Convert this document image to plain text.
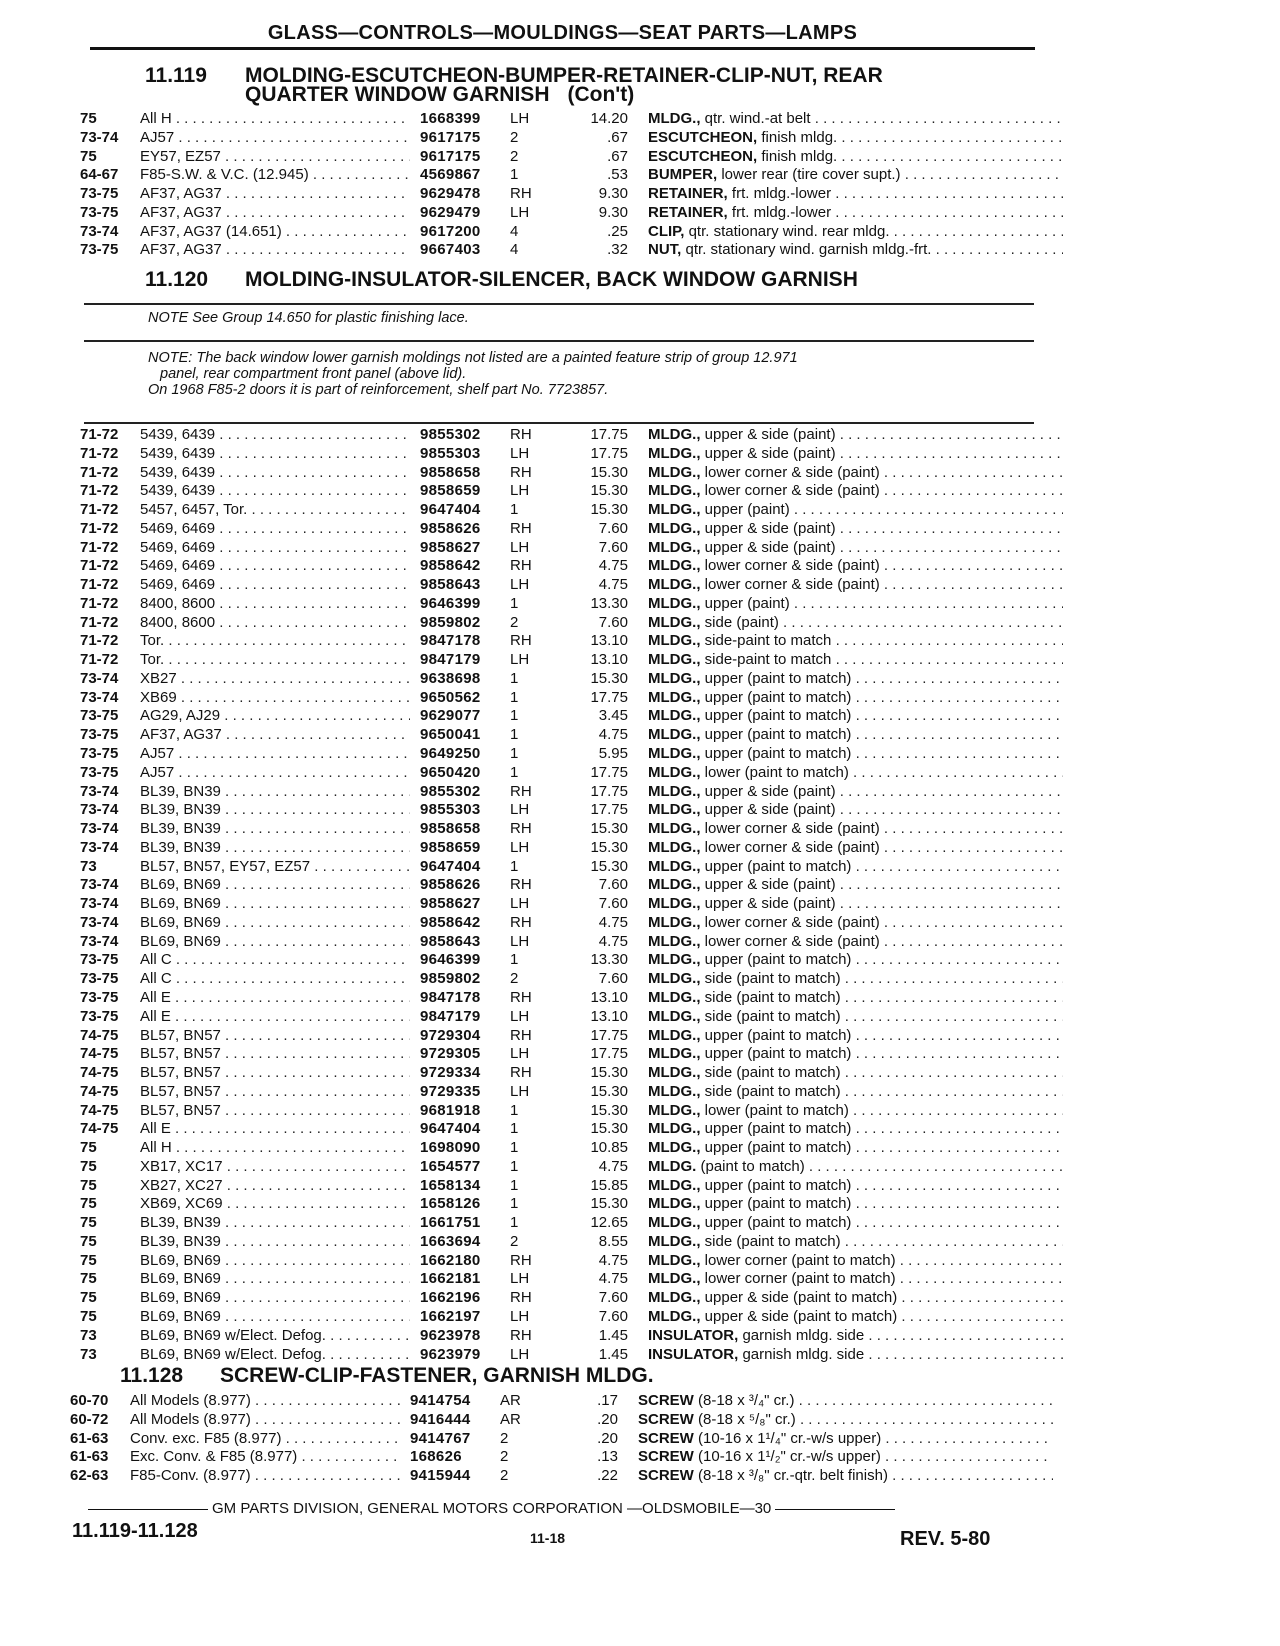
GLASS—CONTROLS—MOULDINGS—SEAT PARTS—LAMPS
11.119 MOLDING-ESCUTCHEON-BUMPER-RETAINER-CLIP-NUT, REAR
QUARTER WINDOW GARNISH (Con't)
75	All H . . .	1668399	LH	14.20 MLDG., qtr. wind.-at belt . . .
73-74	AJ57 . . .	9617175	2	.67 ESCUTCHEON, finish mldg. . . .
75	EY57, EZ57 . . .	9617175	2	.67 ESCUTCHEON, finish mldg. . . .
64-67	F85-S.W. & V.C. (12.945) . . .	4569867	1	.53 BUMPER, lower rear (tire cover supt.) . . .
73-75	AF37, AG37 . . .	9629478	RH	9.30 RETAINER, frt. mldg.-lower . . .
73-75	AF37, AG37 . . .	9629479	LH	9.30 RETAINER, frt. mldg.-lower . . .
73-74	AF37, AG37 (14.651) . . .	9617200	4	.25 CLIP, qtr. stationary wind. rear mldg. . . .
73-75	AF37, AG37 . . .	9667403	4	.32 NUT, qtr. stationary wind. garnish mldg.-frt. . . .
11.120 MOLDING-INSULATOR-SILENCER, BACK WINDOW GARNISH

NOTE See Group 14.650 for plastic finishing lace.

NOTE: The back window lower garnish moldings not listed are a painted feature strip of group 12.971

panel, rear compartment front panel (above lid).

On 1968 F85-2 doors it is part of reinforcement, shelf part No. 7723857.

71-72	5439, 6439 . . .	9855302	RH	17.75 MLDG., upper & side (paint) . . .
71-72	5439, 6439 . . .	9855303	LH	17.75 MLDG., upper & side (paint) . . .
71-72	5439, 6439 . . .	9858658	RH	15.30 MLDG., lower corner & side (paint) . . .
71-72	5439, 6439 . . .	9858659	LH	15.30 MLDG., lower corner & side (paint) . . .
71-72	5457, 6457, Tor. . . .	9647404	1	15.30 MLDG., upper (paint) . . .
71-72	5469, 6469 . . .	9858626	RH	7.60 MLDG., upper & side (paint) . . .
71-72	5469, 6469 . . .	9858627	LH	7.60 MLDG., upper & side (paint) . . .
71-72	5469, 6469 . . .	9858642	RH	4.75 MLDG., lower corner & side (paint) . . .
71-72	5469, 6469 . . .	9858643	LH	4.75 MLDG., lower corner & side (paint) . . .
71-72	8400, 8600 . . .	9646399	1	13.30 MLDG., upper (paint) . . .
71-72	8400, 8600 . . .	9859802	2	7.60 MLDG., side (paint) . . .
71-72	Tor. . . .	9847178	RH	13.10 MLDG., side-paint to match . . .
71-72	Tor. . . .	9847179	LH	13.10 MLDG., side-paint to match . . .
73-74	XB27 . . .	9638698	1	15.30 MLDG., upper (paint to match) . . .
73-74	XB69 . . .	9650562	1	17.75 MLDG., upper (paint to match) . . .
73-75	AG29, AJ29 . . .	9629077	1	3.45 MLDG., upper (paint to match) . . .
73-75	AF37, AG37 . . .	9650041	1	4.75 MLDG., upper (paint to match) . . .
73-75	AJ57 . . .	9649250	1	5.95 MLDG., upper (paint to match) . . .
73-75	AJ57 . . .	9650420	1	17.75 MLDG., lower (paint to match) . . .
73-74	BL39, BN39 . . .	9855302	RH	17.75 MLDG., upper & side (paint) . . .
73-74	BL39, BN39 . . .	9855303	LH	17.75 MLDG., upper & side (paint) . . .
73-74	BL39, BN39 . . .	9858658	RH	15.30 MLDG., lower corner & side (paint) . . .
73-74	BL39, BN39 . . .	9858659	LH	15.30 MLDG., lower corner & side (paint) . . .
73	BL57, BN57, EY57, EZ57 . . .	9647404	1	15.30 MLDG., upper (paint to match) . . .
73-74	BL69, BN69 . . .	9858626	RH	7.60 MLDG., upper & side (paint) . . .
73-74	BL69, BN69 . . .	9858627	LH	7.60 MLDG., upper & side (paint) . . .
73-74	BL69, BN69 . . .	9858642	RH	4.75 MLDG., lower corner & side (paint) . . .
73-74	BL69, BN69 . . .	9858643	LH	4.75 MLDG., lower corner & side (paint) . . .
73-75	All C . . .	9646399	1	13.30 MLDG., upper (paint to match) . . .
73-75	All C . . .	9859802	2	7.60 MLDG., side (paint to match) . . .
73-75	All E . . .	9847178	RH	13.10 MLDG., side (paint to match) . . .
73-75	All E . . .	9847179	LH	13.10 MLDG., side (paint to match) . . .
74-75	BL57, BN57 . . .	9729304	RH	17.75 MLDG., upper (paint to match) . . .
74-75	BL57, BN57 . . .	9729305	LH	17.75 MLDG., upper (paint to match) . . .
74-75	BL57, BN57 . . .	9729334	RH	15.30 MLDG., side (paint to match) . . .
74-75	BL57, BN57 . . .	9729335	LH	15.30 MLDG., side (paint to match) . . .
74-75	BL57, BN57 . . .	9681918	1	15.30 MLDG., lower (paint to match) . . .
74-75	All E . . .	9647404	1	15.30 MLDG., upper (paint to match) . . .
75	All H . . .	1698090	1	10.85 MLDG., upper (paint to match) . . .
75	XB17, XC17 . . .	1654577	1	4.75 MLDG. (paint to match) . . .
75	XB27, XC27 . . .	1658134	1	15.85 MLDG., upper (paint to match) . . .
75	XB69, XC69 . . .	1658126	1	15.30 MLDG., upper (paint to match) . . .
75	BL39, BN39 . . .	1661751	1	12.65 MLDG., upper (paint to match) . . .
75	BL39, BN39 . . .	1663694	2	8.55 MLDG., side (paint to match) . . .
75	BL69, BN69 . . .	1662180	RH	4.75 MLDG., lower corner (paint to match) . . .
75	BL69, BN69 . . .	1662181	LH	4.75 MLDG., lower corner (paint to match) . . .
75	BL69, BN69 . . .	1662196	RH	7.60 MLDG., upper & side (paint to match) . . .
75	BL69, BN69 . . .	1662197	LH	7.60 MLDG., upper & side (paint to match) . . .
73	BL69, BN69 w/Elect. Defog. . . .	9623978	RH	1.45 INSULATOR, garnish mldg. side . . .
73	BL69, BN69 w/Elect. Defog. . . .	9623979	LH	1.45 INSULATOR, garnish mldg. side . . .
11.128 SCREW-CLIP-FASTENER, GARNISH MLDG.
60-70	All Models (8.977) . . .	9414754	AR	.17 SCREW (8-18 x ³/₄" cr.) . . .
60-72	All Models (8.977) . . .	9416444	AR	.20 SCREW (8-18 x ⁵/₈" cr.) . . .
61-63	Conv. exc. F85 (8.977) . . .	9414767	2	.20 SCREW (10-16 x 1¹/₄" cr.-w/s upper) . . .
61-63	Exc. Conv. & F85 (8.977) . . .	168626	2	.13 SCREW (10-16 x 1¹/₂" cr.-w/s upper) . . .
62-63	F85-Conv. (8.977) . . .	9415944	2	.22 SCREW (8-18 x ³/₈" cr.-qtr. belt finish) . . .
GM PARTS DIVISION, GENERAL MOTORS CORPORATION —OLDSMOBILE—30
11.119-11.128	11-18	REV. 5-80
